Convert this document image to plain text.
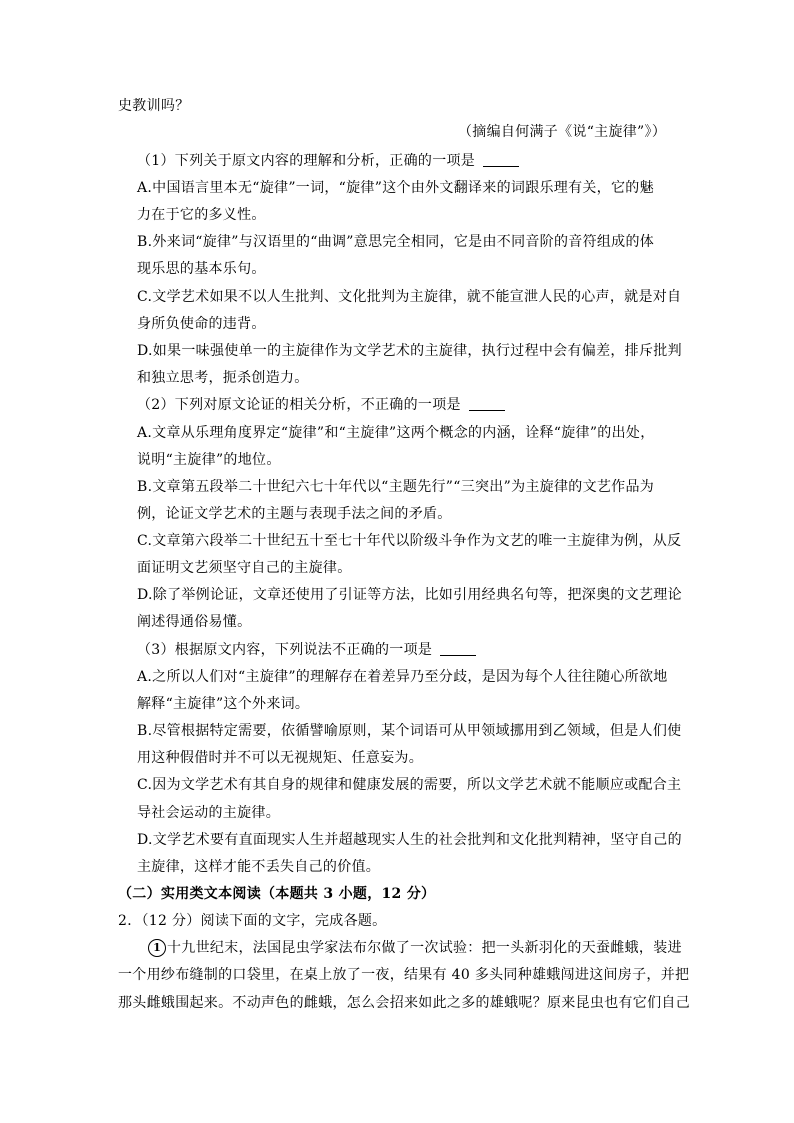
史教训吗？
（摘编自何满子《说“主旋律”》）
（1）下列关于原文内容的理解和分析，正确的一项是
A.中国语言里本无“旋律”一词，“旋律”这个由外文翻译来的词跟乐理有关，它的魅
力在于它的多义性。
B.外来词“旋律”与汉语里的“曲调”意思完全相同，它是由不同音阶的音符组成的体
现乐思的基本乐句。
C.文学艺术如果不以人生批判、文化批判为主旋律，就不能宣泄人民的心声，就是对自
身所负使命的违背。
D.如果一味强使单一的主旋律作为文学艺术的主旋律，执行过程中会有偏差，排斥批判
和独立思考，扼杀创造力。
（2）下列对原文论证的相关分析，不正确的一项是
A.文章从乐理角度界定“旋律”和“主旋律”这两个概念的内涵，诠释“旋律”的出处，
说明“主旋律”的地位。
B.文章第五段举二十世纪六七十年代以“主题先行”“三突出”为主旋律的文艺作品为
例，论证文学艺术的主题与表现手法之间的矛盾。
C.文章第六段举二十世纪五十至七十年代以阶级斗争作为文艺的唯一主旋律为例，从反
面证明文艺须坚守自己的主旋律。
D.除了举例论证，文章还使用了引证等方法，比如引用经典名句等，把深奥的文艺理论
阐述得通俗易懂。
（3）根据原文内容，下列说法不正确的一项是
A.之所以人们对“主旋律”的理解存在着差异乃至分歧，是因为每个人往往随心所欲地
解释“主旋律”这个外来词。
B.尽管根据特定需要，依循譬喻原则，某个词语可从甲领域挪用到乙领域，但是人们使
用这种假借时并不可以无视规矩、任意妄为。
C.因为文学艺术有其自身的规律和健康发展的需要，所以文学艺术就不能顺应或配合主
导社会运动的主旋律。
D.文学艺术要有直面现实人生并超越现实人生的社会批判和文化批判精神，坚守自己的
主旋律，这样才能不丢失自己的价值。
（二）实用类文本阅读（本题共 3 小题，12 分）
2．（12 分）阅读下面的文字，完成各题。
1 十九世纪末，法国昆虫学家法布尔做了一次试验：把一头新羽化的天蚕雌蛾，装进
一个用纱布缝制的口袋里，在桌上放了一夜，结果有 40 多头同种雄蛾闯进这间房子，并把
那头雌蛾围起来。不动声色的雌蛾，怎么会招来如此之多的雄蛾呢？原来昆虫也有它们自己
